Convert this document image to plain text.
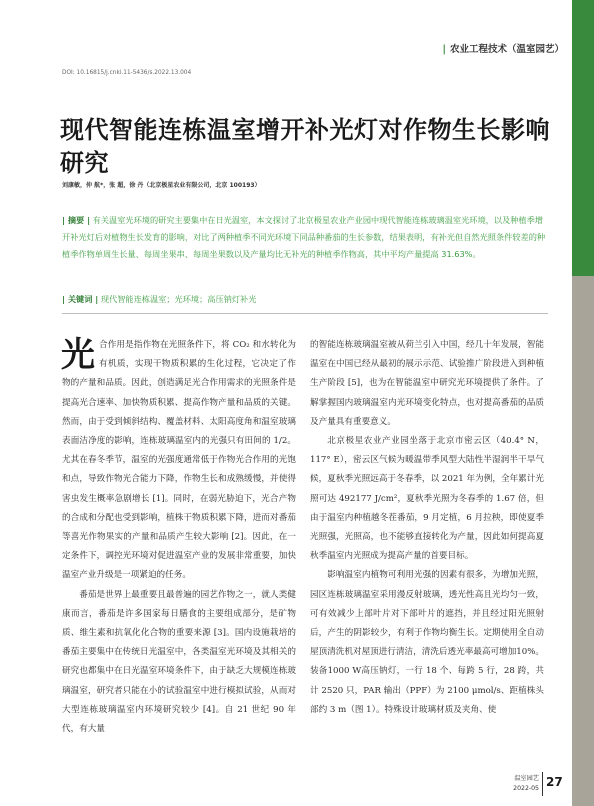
| 农业工程技术（温室园艺）
DOI: 10.16815/j.cnki.11-5436/s.2022.13.004
现代智能连栋温室增开补光灯对作物生长影响研究
刘康敏，仲 航*，张 超，徐 丹（北京极星农业有限公司，北京 100193）

| 摘要 | 有关温室光环境的研究主要集中在日光温室，本文探讨了北京极星农业产业园中现代智能连栋玻璃温室光环境，以及种植季增开补光灯后对植物生长发育的影响，对比了两种植季不同光环境下同品种番茄的生长参数，结果表明，有补光但自然光照条件较差的种植季作物单周生长量、每周坐果串、每周坐果数以及产量均比无补光的种植季作物高，其中平均产量提高 31.63%。

| 关键词 | 现代智能连栋温室；光环境；高压钠灯补光

光合作用是指作物在光照条件下，将 CO₂ 和水转化为有机质，实现干物质积累的生化过程，它决定了作物的产量和品质。因此，创造满足光合作用需求的光照条件是提高光合速率、加快物质积累、提高作物产量和品质的关键。然而，由于受到倾斜结构、覆盖材料、太阳高度角和温室玻璃表面洁净度的影响，连栋玻璃温室内的光强只有田间的 1/2。尤其在春冬季节，温室的光强度通常低于作物光合作用的光饱和点，导致作物光合能力下降，作物生长和成熟缓慢，并使得害虫发生概率急剧增长 [1]。同时，在弱光胁迫下，光合产物的合成和分配也受到影响，植株干物质积累下降，进而对番茄等喜光作物果实的产量和品质产生较大影响 [2]。因此，在一定条件下，调控光环境对促进温室产业的发展非常重要，加快温室产业升级是一项紧迫的任务。

番茄是世界上最重要且最普遍的园艺作物之一，就人类健康而言，番茄是许多国家每日膳食的主要组成部分，是矿物质、维生素和抗氧化化合物的重要来源 [3]。国内设施栽培的番茄主要集中在传统日光温室中，各类温室光环境及其相关的研究也都集中在日光温室环境条件下，由于缺乏大规模连栋玻璃温室，研究者只能在小的试验温室中进行模拟试验，从而对大型连栋玻璃温室内环境研究较少 [4]。自 21 世纪 90 年代，有大量

的智能连栋玻璃温室被从荷兰引入中国，经几十年发展，智能温室在中国已经从最初的展示示范、试验推广阶段进入到种植生产阶段 [5]，也为在智能温室中研究光环境提供了条件。了解掌握国内玻璃温室内光环境变化特点，也对提高番茄的品质及产量具有重要意义。

北京极星农业产业园坐落于北京市密云区（40.4° N，117° E），密云区气候为暖温带季风型大陆性半湿润半干旱气候，夏秋季光照远高于冬春季，以 2021 年为例，全年累计光照可达 492177 J/cm²，夏秋季光照为冬春季的 1.67 倍，但由于温室内种植越冬茬番茄，9 月定植，6 月拉秧，即使夏季光照强，光照高，也不能够直接转化为产量，因此如何提高夏秋季温室内光照成为提高产量的首要目标。

影响温室内植物可利用光强的因素有很多，为增加光照，园区连栋玻璃温室采用漫反射玻璃，透光性高且光均匀一致，可有效减少上部叶片对下部叶片的遮挡，并且经过阳光照射后，产生的阴影较少，有利于作物均衡生长。定期使用全自动屋顶清洗机对屋顶进行清洁，清洗后透光率最高可增加10%。装备1000 W高压钠灯，一行 18 个、每跨 5 行，28 跨，共计 2520 只，PAR 输出（PPF）为 2100 μmol/s、距植株头部约 3 m（图 1）。特殊设计玻璃材质及夹角、使

温室园艺
2022-05 27
